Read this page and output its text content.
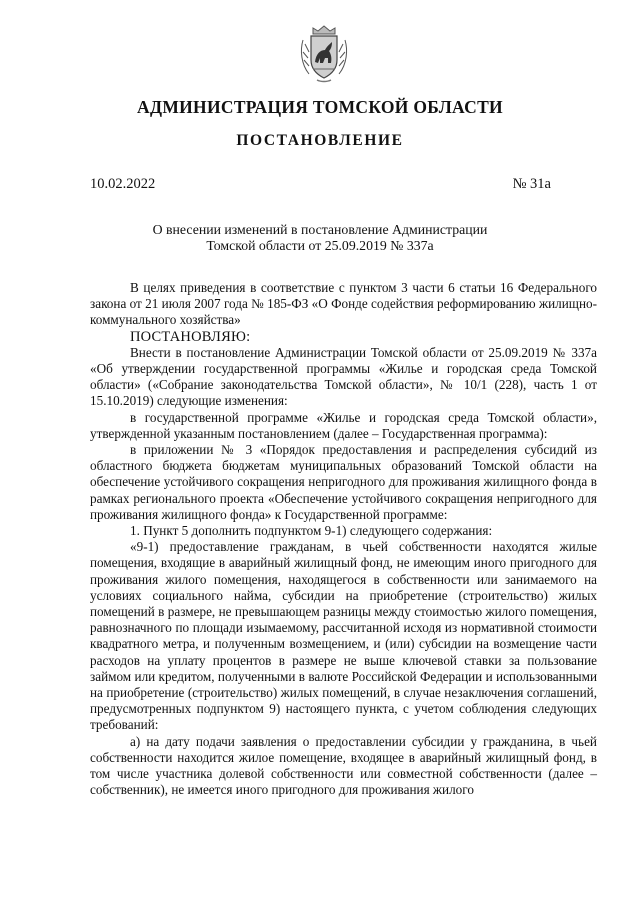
АДМИНИСТРАЦИЯ ТОМСКОЙ ОБЛАСТИ
ПОСТАНОВЛЕНИЕ
10.02.2022	№ 31а
О внесении изменений в постановление Администрации
Томской области от 25.09.2019 № 337а

В целях приведения в соответствие с пунктом 3 части 6 статьи 16 Федерального закона от 21 июля 2007 года № 185-ФЗ «О Фонде содействия реформированию жилищно-коммунального хозяйства»

ПОСТАНОВЛЯЮ:

Внести в постановление Администрации Томской области от 25.09.2019 № 337а «Об утверждении государственной программы «Жилье и городская среда Томской области» («Собрание законодательства Томской области», № 10/1 (228), часть 1 от 15.10.2019) следующие изменения:

в государственной программе «Жилье и городская среда Томской области», утвержденной указанным постановлением (далее – Государственная программа):

в приложении № 3 «Порядок предоставления и распределения субсидий из областного бюджета бюджетам муниципальных образований Томской области на обеспечение устойчивого сокращения непригодного для проживания жилищного фонда в рамках регионального проекта «Обеспечение устойчивого сокращения непригодного для проживания жилищного фонда» к Государственной программе:

1. Пункт 5 дополнить подпунктом 9-1) следующего содержания:

«9-1) предоставление гражданам, в чьей собственности находятся жилые помещения, входящие в аварийный жилищный фонд, не имеющим иного пригодного для проживания жилого помещения, находящегося в собственности или занимаемого на условиях социального найма, субсидии на приобретение (строительство) жилых помещений в размере, не превышающем разницы между стоимостью жилого помещения, равнозначного по площади изымаемому, рассчитанной исходя из нормативной стоимости квадратного метра, и полученным возмещением, и (или) субсидии на возмещение части расходов на уплату процентов в размере не выше ключевой ставки за пользование займом или кредитом, полученными в валюте Российской Федерации и использованными на приобретение (строительство) жилых помещений, в случае незаключения соглашений, предусмотренных подпунктом 9) настоящего пункта, с учетом соблюдения следующих требований:

а) на дату подачи заявления о предоставлении субсидии у гражданина, в чьей собственности находится жилое помещение, входящее в аварийный жилищный фонд, в том числе участника долевой собственности или совместной собственности (далее – собственник), не имеется иного пригодного для проживания жилого
